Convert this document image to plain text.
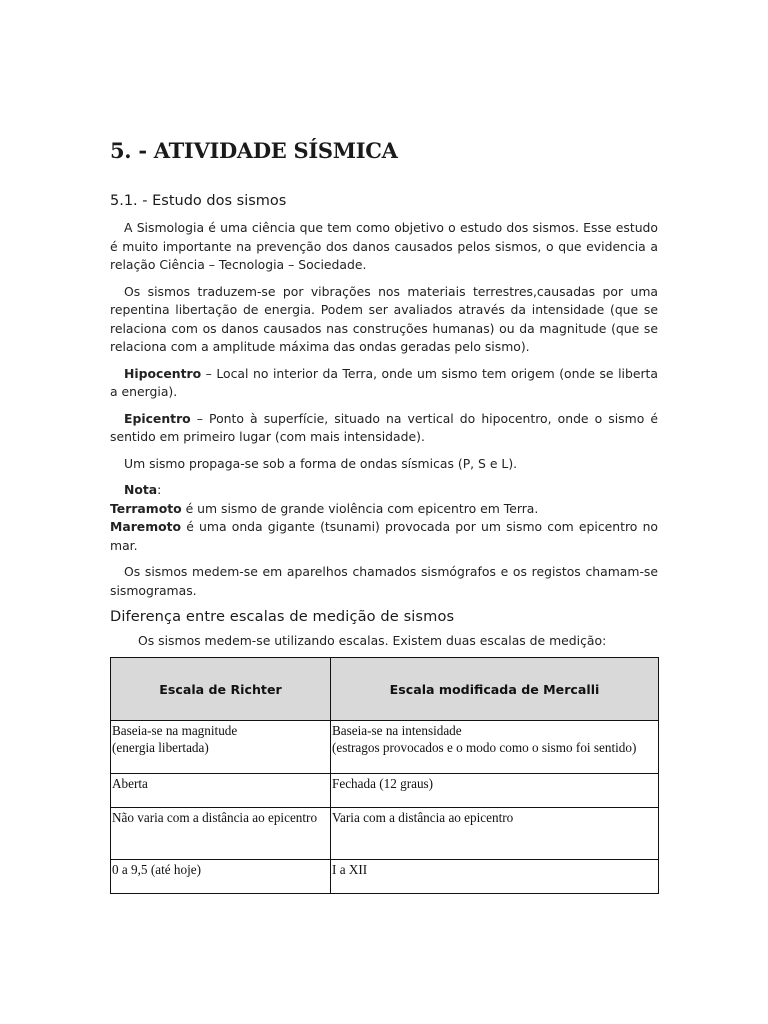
5. - ATIVIDADE SÍSMICA
5.1. - Estudo dos sismos

A Sismologia é uma ciência que tem como objetivo o estudo dos sismos. Esse estudo é muito importante na prevenção dos danos causados pelos sismos, o que evidencia a relação Ciência – Tecnologia – Sociedade.

Os sismos traduzem-se por vibrações nos materiais terrestres,causadas por uma repentina libertação de energia. Podem ser avaliados através da intensidade (que se relaciona com os danos causados nas construções humanas) ou da magnitude (que se relaciona com a amplitude máxima das ondas geradas pelo sismo).

Hipocentro – Local no interior da Terra, onde um sismo tem origem (onde se liberta a energia).

Epicentro – Ponto à superfície, situado na vertical do hipocentro, onde o sismo é sentido em primeiro lugar (com mais intensidade).

Um sismo propaga-se sob a forma de ondas sísmicas (P, S e L).

Nota:

Terramoto é um sismo de grande violência com epicentro em Terra.

Maremoto é uma onda gigante (tsunami) provocada por um sismo com epicentro no mar.

Os sismos medem-se em aparelhos chamados sismógrafos e os registos chamam-se sismogramas.

Diferença entre escalas de medição de sismos
Os sismos medem-se utilizando escalas. Existem duas escalas de medição:
Escala de Richter	Escala modificada de Mercalli
Baseia-se na magnitude
(energia libertada)	Baseia-se na intensidade
(estragos provocados e o modo como o sismo foi sentido)
Aberta	Fechada (12 graus)
Não varia com a distância ao epicentro	Varia com a distância ao epicentro
0 a 9,5 (até hoje)	I a XII
